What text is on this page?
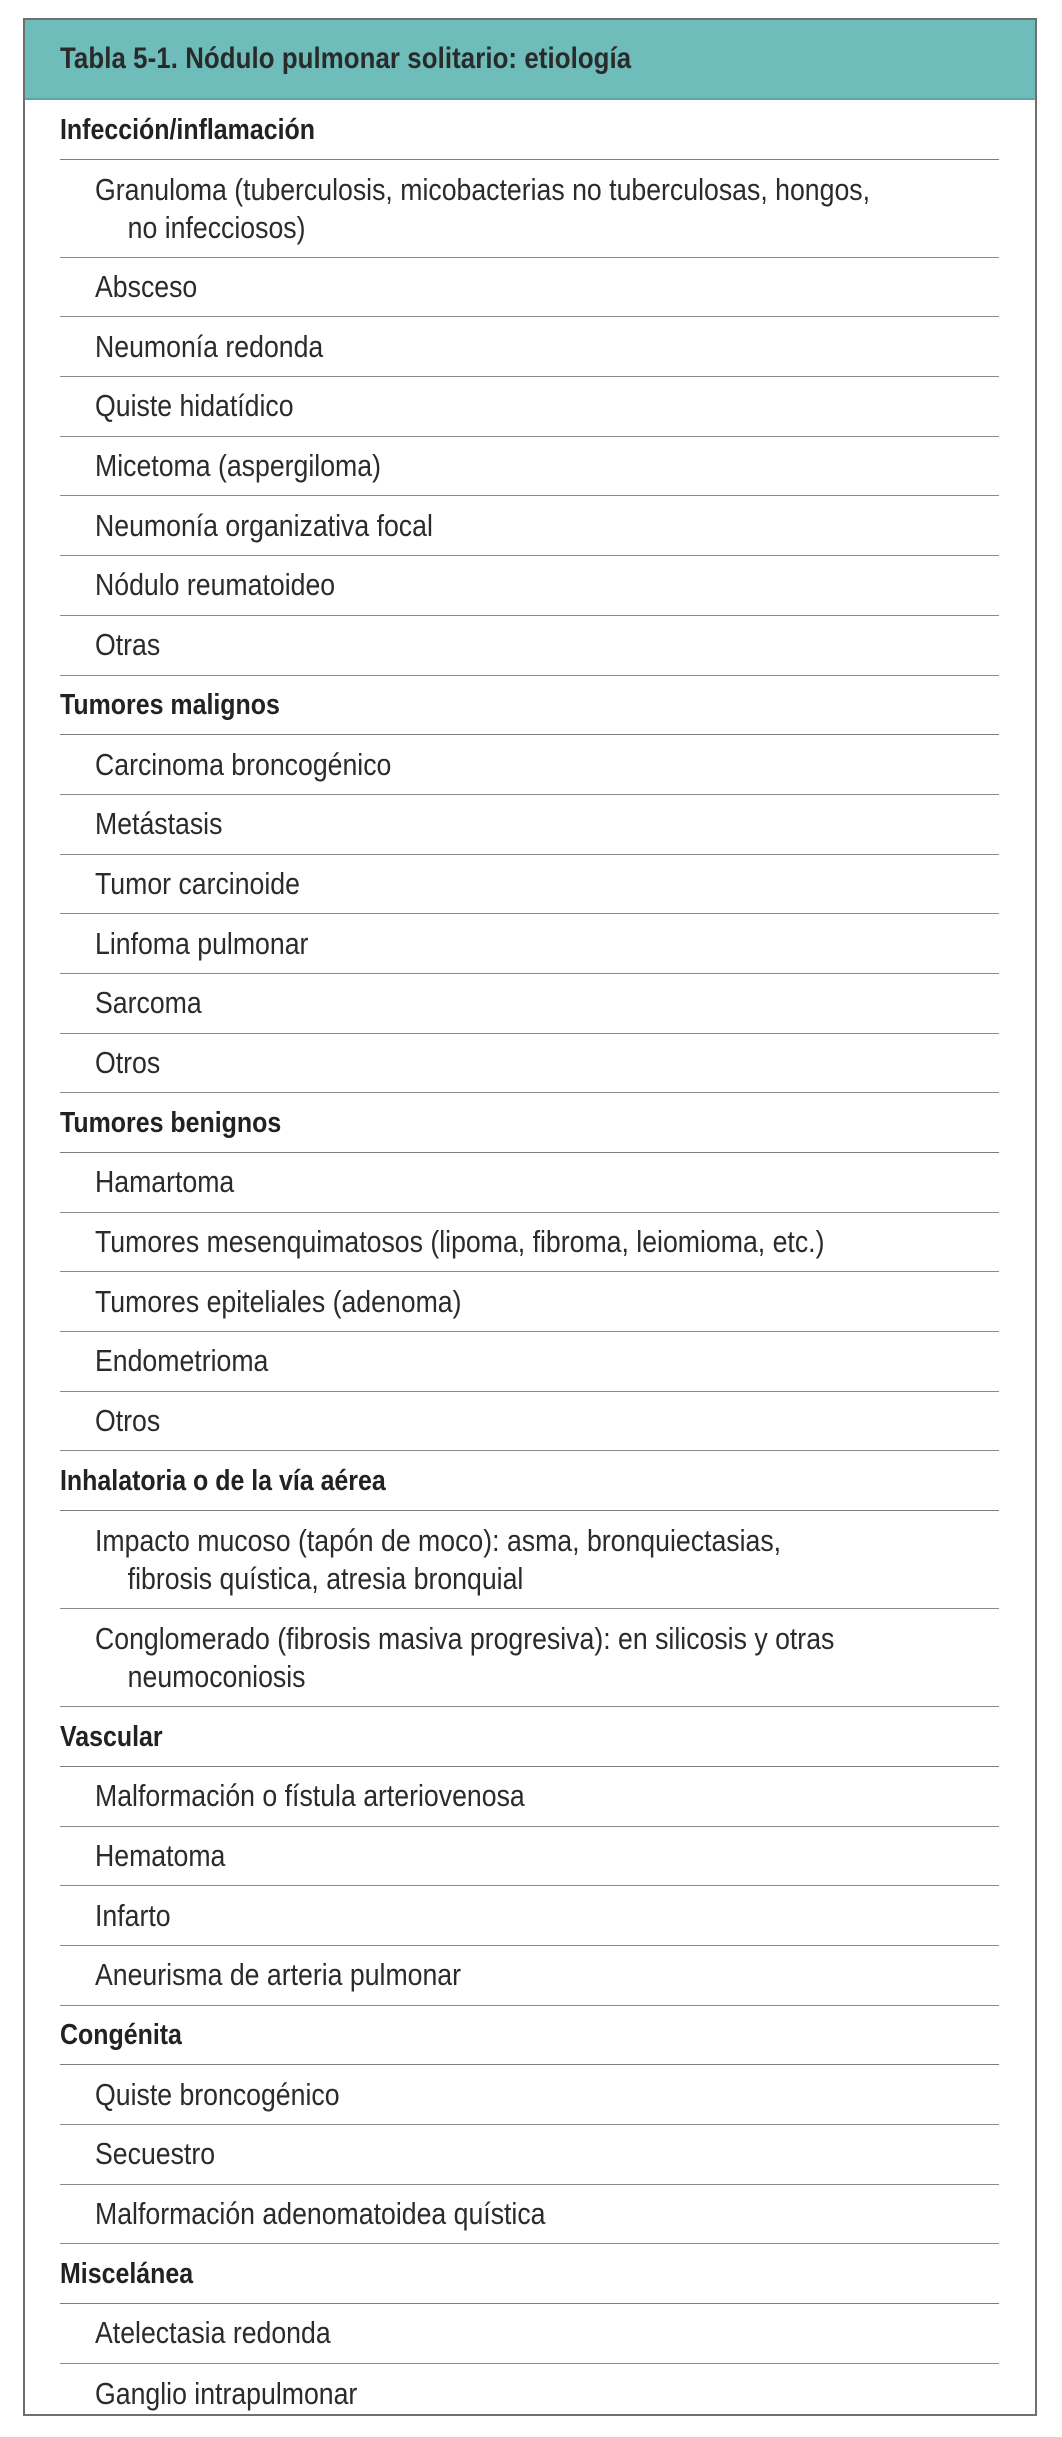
Tabla 5-1. Nódulo pulmonar solitario: etiología
Infección/inflamación
Granuloma (tuberculosis, micobacterias no tuberculosas, hongos, no infecciosos)
Absceso
Neumonía redonda
Quiste hidatídico
Micetoma (aspergiloma)
Neumonía organizativa focal
Nódulo reumatoideo
Otras
Tumores malignos
Carcinoma broncogénico
Metástasis
Tumor carcinoide
Linfoma pulmonar
Sarcoma
Otros
Tumores benignos
Hamartoma
Tumores mesenquimatosos (lipoma, fibroma, leiomioma, etc.)
Tumores epiteliales (adenoma)
Endometrioma
Otros
Inhalatoria o de la vía aérea
Impacto mucoso (tapón de moco): asma, bronquiectasias, fibrosis quística, atresia bronquial
Conglomerado (fibrosis masiva progresiva): en silicosis y otras neumoconiosis
Vascular
Malformación o fístula arteriovenosa
Hematoma
Infarto
Aneurisma de arteria pulmonar
Congénita
Quiste broncogénico
Secuestro
Malformación adenomatoidea quística
Miscelánea
Atelectasia redonda
Ganglio intrapulmonar
